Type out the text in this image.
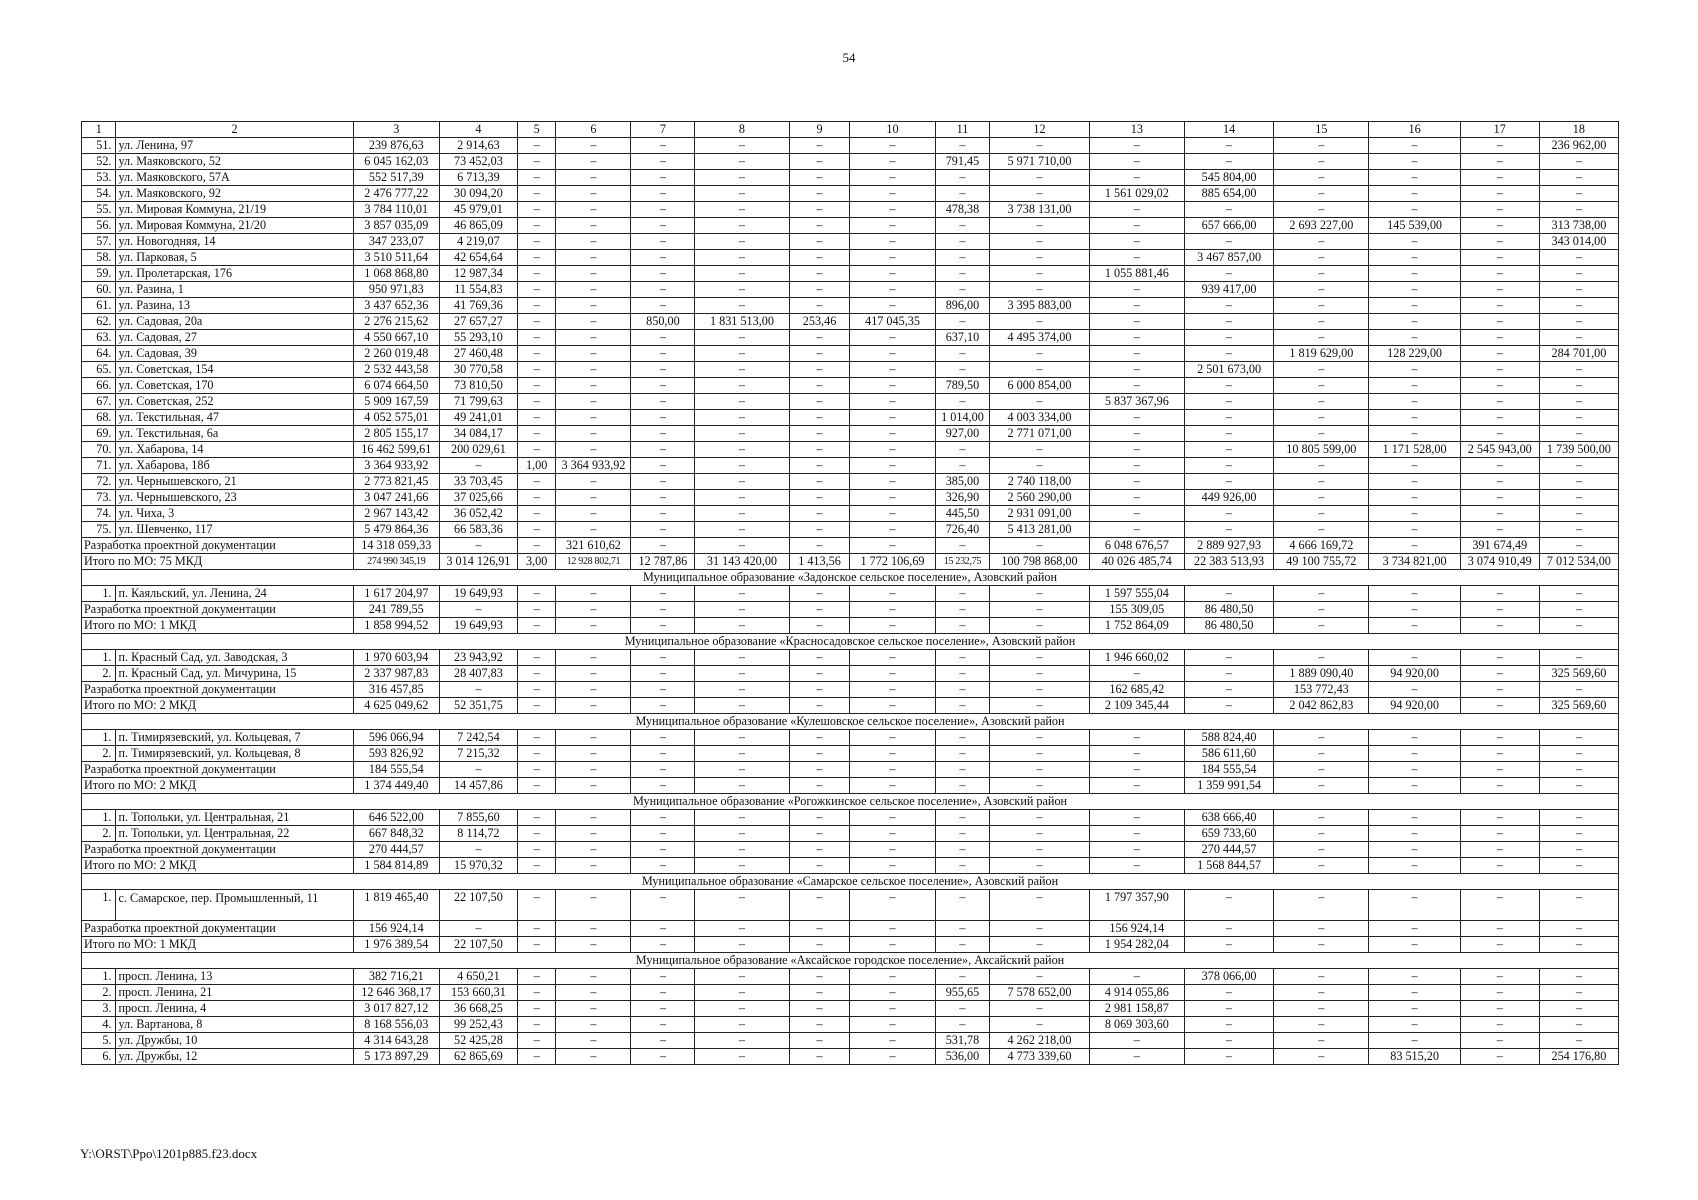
54
1	2	3	4	5	6	7	8	9	10	11	12	13	14	15	16	17	18
51.	ул. Ленина, 97	239 876,63	2 914,63	–	–	–	–	–	–	–	–	–	–	–	–	–	236 962,00
52.	ул. Маяковского, 52	6 045 162,03	73 452,03	–	–	–	–	–	–	791,45	5 971 710,00	–	–	–	–	–	–
53.	ул. Маяковского, 57А	552 517,39	6 713,39	–	–	–	–	–	–	–	–	–	545 804,00	–	–	–	–
54.	ул. Маяковского, 92	2 476 777,22	30 094,20	–	–	–	–	–	–	–	–	1 561 029,02	885 654,00	–	–	–	–
55.	ул. Мировая Коммуна, 21/19	3 784 110,01	45 979,01	–	–	–	–	–	–	478,38	3 738 131,00	–	–	–	–	–	–
56.	ул. Мировая Коммуна, 21/20	3 857 035,09	46 865,09	–	–	–	–	–	–	–	–	–	657 666,00	2 693 227,00	145 539,00	–	313 738,00
57.	ул. Новогодняя, 14	347 233,07	4 219,07	–	–	–	–	–	–	–	–	–	–	–	–	–	343 014,00
58.	ул. Парковая, 5	3 510 511,64	42 654,64	–	–	–	–	–	–	–	–	–	3 467 857,00	–	–	–	–
59.	ул. Пролетарская, 176	1 068 868,80	12 987,34	–	–	–	–	–	–	–	–	1 055 881,46	–	–	–	–	–
60.	ул. Разина, 1	950 971,83	11 554,83	–	–	–	–	–	–	–	–	–	939 417,00	–	–	–	–
61.	ул. Разина, 13	3 437 652,36	41 769,36	–	–	–	–	–	–	896,00	3 395 883,00	–	–	–	–	–	–
62.	ул. Садовая, 20а	2 276 215,62	27 657,27	–	–	850,00	1 831 513,00	253,46	417 045,35	–	–	–	–	–	–	–	–
63.	ул. Садовая, 27	4 550 667,10	55 293,10	–	–	–	–	–	–	637,10	4 495 374,00	–	–	–	–	–	–
64.	ул. Садовая, 39	2 260 019,48	27 460,48	–	–	–	–	–	–	–	–	–	–	1 819 629,00	128 229,00	–	284 701,00
65.	ул. Советская, 154	2 532 443,58	30 770,58	–	–	–	–	–	–	–	–	–	2 501 673,00	–	–	–	–
66.	ул. Советская, 170	6 074 664,50	73 810,50	–	–	–	–	–	–	789,50	6 000 854,00	–	–	–	–	–	–
67.	ул. Советская, 252	5 909 167,59	71 799,63	–	–	–	–	–	–	–	–	5 837 367,96	–	–	–	–	–
68.	ул. Текстильная, 47	4 052 575,01	49 241,01	–	–	–	–	–	–	1 014,00	4 003 334,00	–	–	–	–	–	–
69.	ул. Текстильная, 6а	2 805 155,17	34 084,17	–	–	–	–	–	–	927,00	2 771 071,00	–	–	–	–	–	–
70.	ул. Хабарова, 14	16 462 599,61	200 029,61	–	–	–	–	–	–	–	–	–	–	10 805 599,00	1 171 528,00	2 545 943,00	1 739 500,00
71.	ул. Хабарова, 18б	3 364 933,92	–	1,00	3 364 933,92	–	–	–	–	–	–	–	–	–	–	–	–
72.	ул. Чернышевского, 21	2 773 821,45	33 703,45	–	–	–	–	–	–	385,00	2 740 118,00	–	–	–	–	–	–
73.	ул. Чернышевского, 23	3 047 241,66	37 025,66	–	–	–	–	–	–	326,90	2 560 290,00	–	449 926,00	–	–	–	–
74.	ул. Чиха, 3	2 967 143,42	36 052,42	–	–	–	–	–	–	445,50	2 931 091,00	–	–	–	–	–	–
75.	ул. Шевченко, 117	5 479 864,36	66 583,36	–	–	–	–	–	–	726,40	5 413 281,00	–	–	–	–	–	–
Разработка проектной документации		14 318 059,33	–	–	321 610,62	–	–	–	–	–	–	6 048 676,57	2 889 927,93	4 666 169,72	–	391 674,49	–
Итого по МО: 75 МКД		274 990 345,19	3 014 126,91	3,00	12 928 802,71	12 787,86	31 143 420,00	1 413,56	1 772 106,69	15 232,75	100 798 868,00	40 026 485,74	22 383 513,93	49 100 755,72	3 734 821,00	3 074 910,49	7 012 534,00
Муниципальное образование «Задонское сельское поселение», Азовский район																	
1.	п. Каяльский, ул. Ленина, 24	1 617 204,97	19 649,93	–	–	–	–	–	–	–	–	1 597 555,04	–	–	–	–	–
Разработка проектной документации		241 789,55	–	–	–	–	–	–	–	–	–	155 309,05	86 480,50	–	–	–	–
Итого по МО: 1 МКД		1 858 994,52	19 649,93	–	–	–	–	–	–	–	–	1 752 864,09	86 480,50	–	–	–	–
Муниципальное образование «Красносадовское сельское поселение», Азовский район																	
1.	п. Красный Сад, ул. Заводская, 3	1 970 603,94	23 943,92	–	–	–	–	–	–	–	–	1 946 660,02	–	–	–	–	–
2.	п. Красный Сад, ул. Мичурина, 15	2 337 987,83	28 407,83	–	–	–	–	–	–	–	–	–	–	1 889 090,40	94 920,00	–	325 569,60
Разработка проектной документации		316 457,85	–	–	–	–	–	–	–	–	–	162 685,42	–	153 772,43	–	–	–
Итого по МО: 2 МКД		4 625 049,62	52 351,75	–	–	–	–	–	–	–	–	2 109 345,44	–	2 042 862,83	94 920,00	–	325 569,60
Муниципальное образование «Кулешовское сельское поселение», Азовский район																	
1.	п. Тимирязевский, ул. Кольцевая, 7	596 066,94	7 242,54	–	–	–	–	–	–	–	–	–	588 824,40	–	–	–	–
2.	п. Тимирязевский, ул. Кольцевая, 8	593 826,92	7 215,32	–	–	–	–	–	–	–	–	–	586 611,60	–	–	–	–
Разработка проектной документации		184 555,54	–	–	–	–	–	–	–	–	–	–	184 555,54	–	–	–	–
Итого по МО: 2 МКД		1 374 449,40	14 457,86	–	–	–	–	–	–	–	–	–	1 359 991,54	–	–	–	–
Муниципальное образование «Рогожкинское сельское поселение», Азовский район																	
1.	п. Топольки, ул. Центральная, 21	646 522,00	7 855,60	–	–	–	–	–	–	–	–	–	638 666,40	–	–	–	–
2.	п. Топольки, ул. Центральная, 22	667 848,32	8 114,72	–	–	–	–	–	–	–	–	–	659 733,60	–	–	–	–
Разработка проектной документации		270 444,57	–	–	–	–	–	–	–	–	–	–	270 444,57	–	–	–	–
Итого по МО: 2 МКД		1 584 814,89	15 970,32	–	–	–	–	–	–	–	–	–	1 568 844,57	–	–	–	–
Муниципальное образование «Самарское сельское поселение», Азовский район																	
1.	с. Самарское, пер. Промышленный, 11	1 819 465,40	22 107,50	–	–	–	–	–	–	–	–	1 797 357,90	–	–	–	–	–
Разработка проектной документации		156 924,14	–	–	–	–	–	–	–	–	–	156 924,14	–	–	–	–	–
Итого по МО: 1 МКД		1 976 389,54	22 107,50	–	–	–	–	–	–	–	–	1 954 282,04	–	–	–	–	–
Муниципальное образование «Аксайское городское поселение», Аксайский район																	
1.	просп. Ленина, 13	382 716,21	4 650,21	–	–	–	–	–	–	–	–	–	378 066,00	–	–	–	–
2.	просп. Ленина, 21	12 646 368,17	153 660,31	–	–	–	–	–	–	955,65	7 578 652,00	4 914 055,86	–	–	–	–	–
3.	просп. Ленина, 4	3 017 827,12	36 668,25	–	–	–	–	–	–	–	–	2 981 158,87	–	–	–	–	–
4.	ул. Вартанова, 8	8 168 556,03	99 252,43	–	–	–	–	–	–	–	–	8 069 303,60	–	–	–	–	–
5.	ул. Дружбы, 10	4 314 643,28	52 425,28	–	–	–	–	–	–	531,78	4 262 218,00	–	–	–	–	–	–
6.	ул. Дружбы, 12	5 173 897,29	62 865,69	–	–	–	–	–	–	536,00	4 773 339,60	–	–	–	83 515,20	–	254 176,80
Y:\ORST\Ppo\1201p885.f23.docx
